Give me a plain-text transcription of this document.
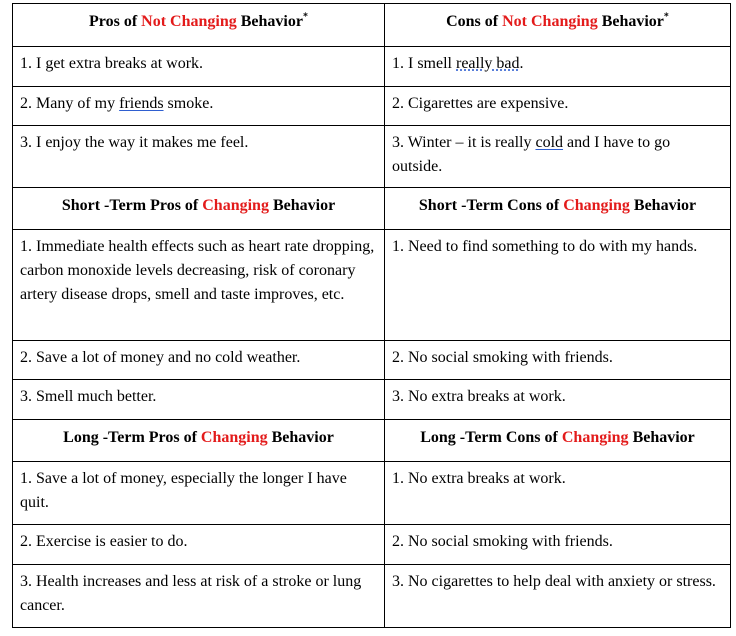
Pros of Not Changing Behavior*	Cons of Not Changing Behavior*
1. I get extra breaks at work.	1. I smell really bad.
2. Many of my friends smoke.	2. Cigarettes are expensive.
3. I enjoy the way it makes me feel.	3. Winter – it is really cold and I have to go outside.
Short -Term Pros of Changing Behavior	Short -Term Cons of Changing Behavior
1. Immediate health effects such as heart rate dropping, carbon monoxide levels decreasing, risk of coronary artery disease drops, smell and taste improves, etc.	1. Need to find something to do with my hands.
2. Save a lot of money and no cold weather.	2. No social smoking with friends.
3. Smell much better.	3. No extra breaks at work.
Long -Term Pros of Changing Behavior	Long -Term Cons of Changing Behavior
1. Save a lot of money, especially the longer I have quit.	1. No extra breaks at work.
2. Exercise is easier to do.	2. No social smoking with friends.
3. Health increases and less at risk of a stroke or lung cancer.	3. No cigarettes to help deal with anxiety or stress.
